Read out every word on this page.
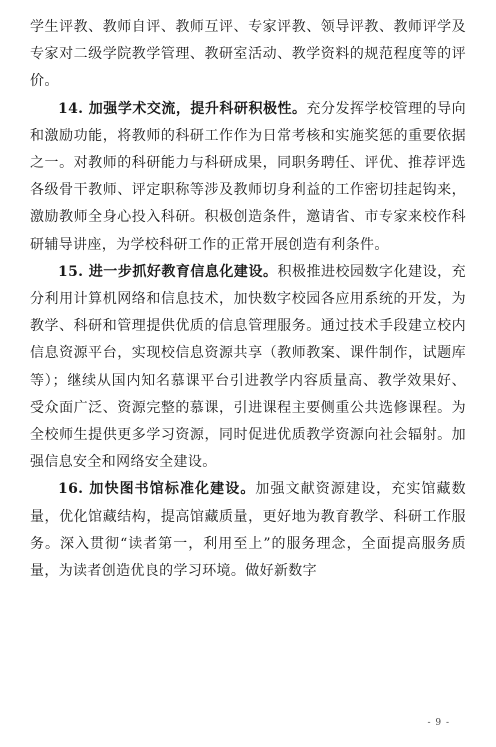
学生评教、教师自评、教师互评、专家评教、领导评教、教师评学及专家对二级学院教学管理、教研室活动、教学资料的规范程度等的评价。

14. 加强学术交流，提升科研积极性。充分发挥学校管理的导向和激励功能，将教师的科研工作作为日常考核和实施奖惩的重要依据之一。对教师的科研能力与科研成果，同职务聘任、评优、推荐评选各级骨干教师、评定职称等涉及教师切身利益的工作密切挂起钩来，激励教师全身心投入科研。积极创造条件，邀请省、市专家来校作科研辅导讲座，为学校科研工作的正常开展创造有利条件。

15. 进一步抓好教育信息化建设。积极推进校园数字化建设，充分利用计算机网络和信息技术，加快数字校园各应用系统的开发，为教学、科研和管理提供优质的信息管理服务。通过技术手段建立校内信息资源平台，实现校信息资源共享（教师教案、课件制作，试题库等）；继续从国内知名慕课平台引进教学内容质量高、教学效果好、受众面广泛、资源完整的慕课，引进课程主要侧重公共选修课程。为全校师生提供更多学习资源，同时促进优质教学资源向社会辐射。加强信息安全和网络安全建设。

16. 加快图书馆标准化建设。加强文献资源建设，充实馆藏数量，优化馆藏结构，提高馆藏质量，更好地为教育教学、科研工作服务。深入贯彻“读者第一，利用至上”的服务理念，全面提高服务质量，为读者创造优良的学习环境。做好新数字

- 9 -
